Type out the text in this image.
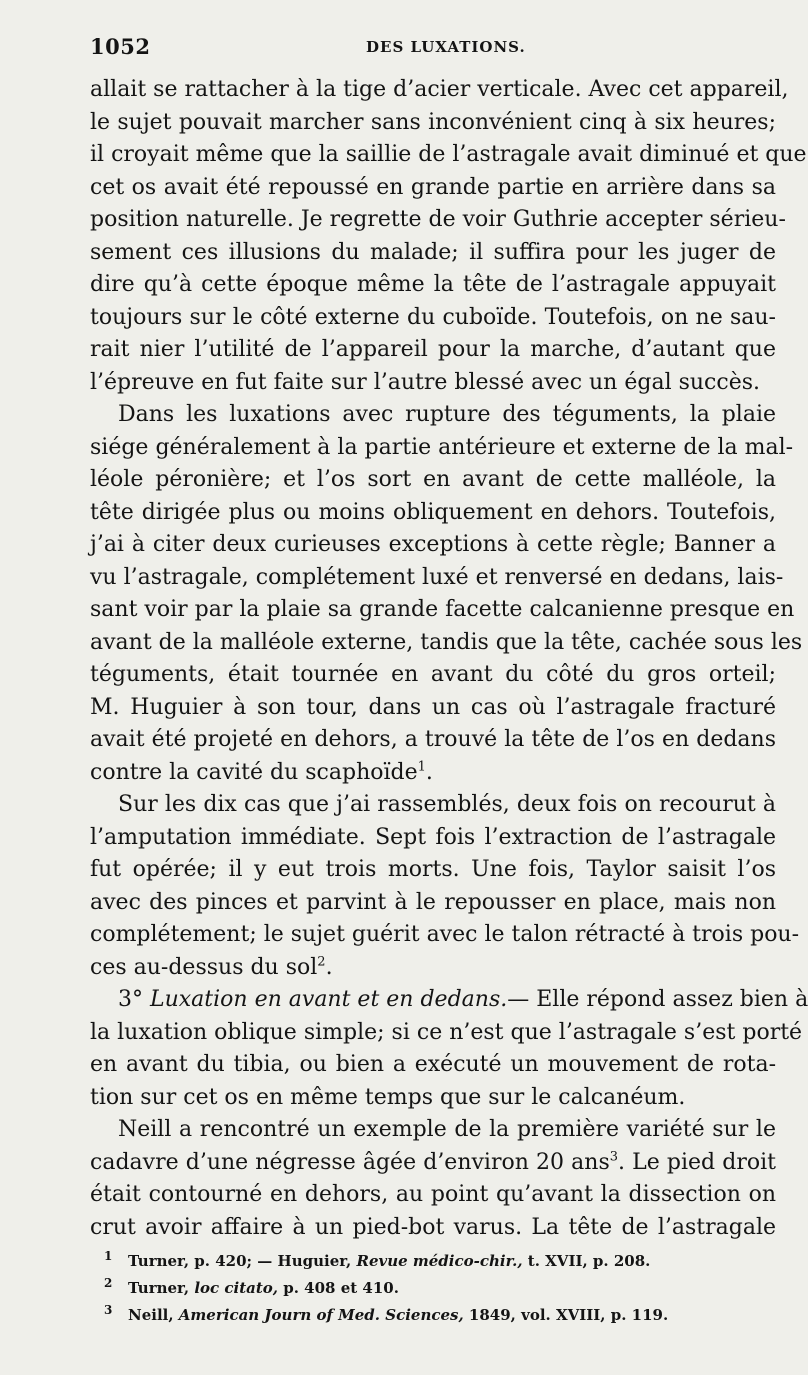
1052	DES LUXATIONS.
allait se rattacher à la tige d’acier verticale. Avec cet appareil,
le sujet pouvait marcher sans inconvénient cinq à six heures;
il croyait même que la saillie de l’astragale avait diminué et que
cet os avait été repoussé en grande partie en arrière dans sa
position naturelle. Je regrette de voir Guthrie accepter sérieu-
sement ces illusions du malade; il suffira pour les juger de
dire qu’à cette époque même la tête de l’astragale appuyait
toujours sur le côté externe du cuboïde. Toutefois, on ne sau-
rait nier l’utilité de l’appareil pour la marche, d’autant que
l’épreuve en fut faite sur l’autre blessé avec un égal succès.
Dans les luxations avec rupture des téguments, la plaie
siége généralement à la partie antérieure et externe de la mal-
léole péronière; et l’os sort en avant de cette malléole, la
tête dirigée plus ou moins obliquement en dehors. Toutefois,
j’ai à citer deux curieuses exceptions à cette règle; Banner a
vu l’astragale, complétement luxé et renversé en dedans, lais-
sant voir par la plaie sa grande facette calcanienne presque en
avant de la malléole externe, tandis que la tête, cachée sous les
téguments, était tournée en avant du côté du gros orteil;
M. Huguier à son tour, dans un cas où l’astragale fracturé
avait été projeté en dehors, a trouvé la tête de l’os en dedans
contre la cavité du scaphoïde$^1$.
Sur les dix cas que j’ai rassemblés, deux fois on recourut à
l’amputation immédiate. Sept fois l’extraction de l’astragale
fut opérée; il y eut trois morts. Une fois, Taylor saisit l’os
avec des pinces et parvint à le repousser en place, mais non
complétement; le sujet guérit avec le talon rétracté à trois pou-
ces au-dessus du sol$^2$.
3° Luxation en avant et en dedans.— Elle répond assez bien à
la luxation oblique simple; si ce n’est que l’astragale s’est porté
en avant du tibia, ou bien a exécuté un mouvement de rota-
tion sur cet os en même temps que sur le calcanéum.
Neill a rencontré un exemple de la première variété sur le
cadavre d’une négresse âgée d’environ 20 ans$^3$. Le pied droit
était contourné en dehors, au point qu’avant la dissection on
crut avoir affaire à un pied-bot varus. La tête de l’astragale
1 Turner, p. 420; — Huguier, Revue médico-chir., t. XVII, p. 208.
2 Turner, loc citato, p. 408 et 410.
3 Neill, American Journ of Med. Sciences, 1849, vol. XVIII, p. 119.
